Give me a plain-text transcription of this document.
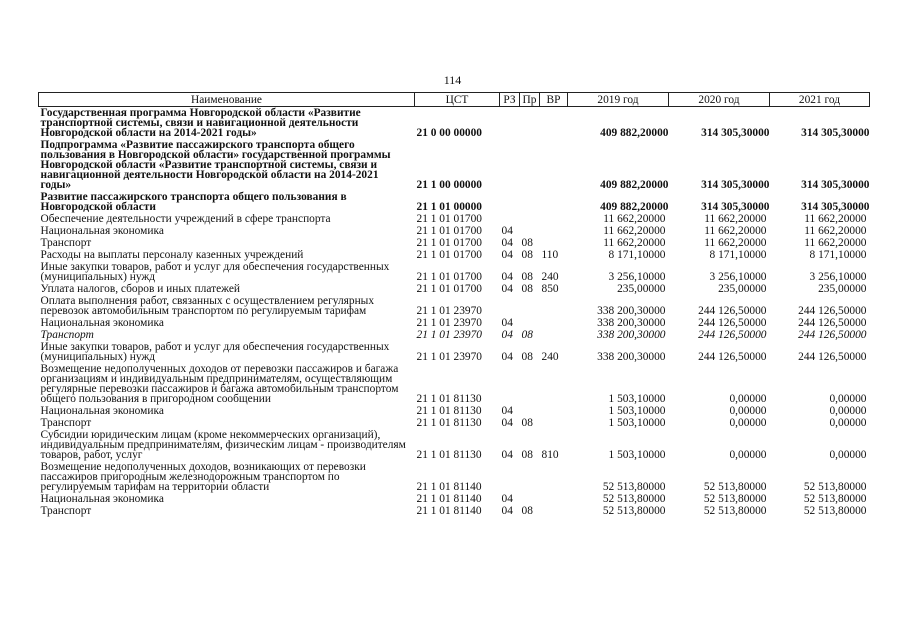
114
Наименование	ЦСТ	РЗ	Пр	ВР	2019 год	2020 год	2021 год
Государственная программа Новгородской области «Развитие транспортной системы, связи и навигационной деятельности Новгородской области на 2014-2021 годы»	21 0 00 00000				409 882,20000	314 305,30000	314 305,30000
Подпрограмма «Развитие пассажирского транспорта общего пользования в Новгородской области» государственной программы Новгородской области «Развитие транспортной системы, связи и навигационной деятельности Новгородской области на 2014-2021 годы»	21 1 00 00000				409 882,20000	314 305,30000	314 305,30000
Развитие пассажирского транспорта общего пользования в Новгородской области	21 1 01 00000				409 882,20000	314 305,30000	314 305,30000
Обеспечение деятельности учреждений в сфере транспорта	21 1 01 01700				11 662,20000	11 662,20000	11 662,20000
Национальная экономика	21 1 01 01700	04			11 662,20000	11 662,20000	11 662,20000
Транспорт	21 1 01 01700	04	08		11 662,20000	11 662,20000	11 662,20000
Расходы на выплаты персоналу казенных учреждений	21 1 01 01700	04	08	110	8 171,10000	8 171,10000	8 171,10000
Иные закупки товаров, работ и услуг для обеспечения государственных (муниципальных) нужд	21 1 01 01700	04	08	240	3 256,10000	3 256,10000	3 256,10000
Уплата налогов, сборов и иных платежей	21 1 01 01700	04	08	850	235,00000	235,00000	235,00000
Оплата выполнения работ, связанных с осуществлением регулярных перевозок автомобильным транспортом по регулируемым тарифам	21 1 01 23970				338 200,30000	244 126,50000	244 126,50000
Национальная экономика	21 1 01 23970	04			338 200,30000	244 126,50000	244 126,50000
Транспорт	21 1 01 23970	04	08		338 200,30000	244 126,50000	244 126,50000
Иные закупки товаров, работ и услуг для обеспечения государственных (муниципальных) нужд	21 1 01 23970	04	08	240	338 200,30000	244 126,50000	244 126,50000
Возмещение недополученных доходов от перевозки пассажиров и багажа организациям и индивидуальным предпринимателям, осуществляющим регулярные перевозки пассажиров и багажа автомобильным транспортом общего пользования в пригородном сообщении	21 1 01 81130				1 503,10000	0,00000	0,00000
Национальная экономика	21 1 01 81130	04			1 503,10000	0,00000	0,00000
Транспорт	21 1 01 81130	04	08		1 503,10000	0,00000	0,00000
Субсидии юридическим лицам (кроме некоммерческих организаций), индивидуальным предпринимателям, физическим лицам - производителям товаров, работ, услуг	21 1 01 81130	04	08	810	1 503,10000	0,00000	0,00000
Возмещение недополученных доходов, возникающих от перевозки пассажиров пригородным железнодорожным транспортом по регулируемым тарифам на территории области	21 1 01 81140				52 513,80000	52 513,80000	52 513,80000
Национальная экономика	21 1 01 81140	04			52 513,80000	52 513,80000	52 513,80000
Транспорт	21 1 01 81140	04	08		52 513,80000	52 513,80000	52 513,80000
